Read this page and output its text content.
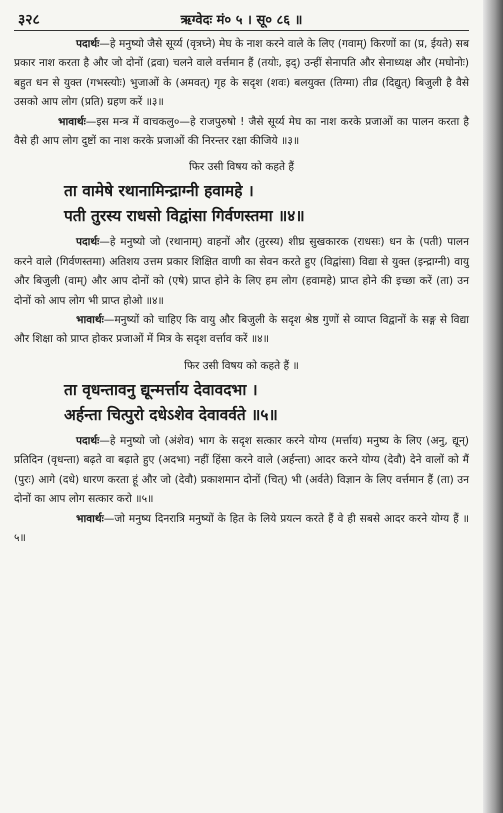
३२८	ऋग्वेदः मं० ५ । सू० ८६ ॥

पदार्थः—हे मनुष्यो जैसे सूर्य्य (वृत्रघ्ने) मेघ के नाश करने वाले के लिए (गवाम्) किरणों का (प्र, ईयते) सब प्रकार नाश करता है और जो दोनों (द्रवा) चलने वाले वर्त्तमान हैं (तयोः, इद्) उन्हीं सेनापति और सेनाध्यक्ष और (मघोनोः) बहुत धन से युक्त (गभस्त्योः) भुजाओं के (अमवत्) गृह के सदृश (शवः) बलयुक्त (तिग्मा) तीव्र (दिद्युत्) बिजुली है वैसे उसको आप लोग (प्रति) ग्रहण करें ॥३॥

भावार्थः—इस मन्त्र में वाचकलु०—हे राजपुरुषो ! जैसे सूर्य्य मेघ का नाश करके प्रजाओं का पालन करता है वैसे ही आप लोग दुष्टों का नाश करके प्रजाओं की निरन्तर रक्षा कीजिये ॥३॥

फिर उसी विषय को कहते हैं
ता वामेषे रथानामिन्द्राग्नी हवामहे ।
पती तुरस्य राधसो विद्वांसा गिर्वणस्तमा ॥४॥

पदार्थः—हे मनुष्यो जो (रथानाम्) वाहनों और (तुरस्य) शीघ्र सुखकारक (राधसः) धन के (पती) पालन करने वाले (गिर्वणस्तमा) अतिशय उत्तम प्रकार शिक्षित वाणी का सेवन करते हुए (विद्वांसा) विद्या से युक्त (इन्द्राग्नी) वायु और बिजुली (वाम्) और आप दोनों को (एषे) प्राप्त होने के लिए हम लोग (हवामहे) प्राप्त होने की इच्छा करें (ता) उन दोनों को आप लोग भी प्राप्त होओ ॥४॥

भावार्थः—मनुष्यों को चाहिए कि वायु और बिजुली के सदृश श्रेष्ठ गुणों से व्याप्त विद्वानों के सङ्ग से विद्या और शिक्षा को प्राप्त होकर प्रजाओं में मित्र के सदृश वर्त्ताव करें ॥४॥

फिर उसी विषय को कहते हैं ॥
ता वृधन्तावनु द्यून्मर्त्ताय देवावदभा ।
अर्हन्ता चित्पुरो दधेऽशेव देवावर्वते ॥५॥

पदार्थः—हे मनुष्यो जो (अंशेव) भाग के सदृश सत्कार करने योग्य (मर्त्ताय) मनुष्य के लिए (अनु, द्यून्) प्रतिदिन (वृधन्ता) बढ़ते वा बढ़ाते हुए (अदभा) नहीं हिंसा करने वाले (अर्हन्ता) आदर करने योग्य (देवौ) देने वालों को मैं (पुरः) आगे (दधे) धारण करता हूं और जो (देवौ) प्रकाशमान दोनों (चित्) भी (अर्वते) विज्ञान के लिए वर्त्तमान हैं (ता) उन दोनों का आप लोग सत्कार करो ॥५॥

भावार्थः—जो मनुष्य दिनरात्रि मनुष्यों के हित के लिये प्रयत्न करते हैं वे ही सबसे आदर करने योग्य हैं ॥५॥
